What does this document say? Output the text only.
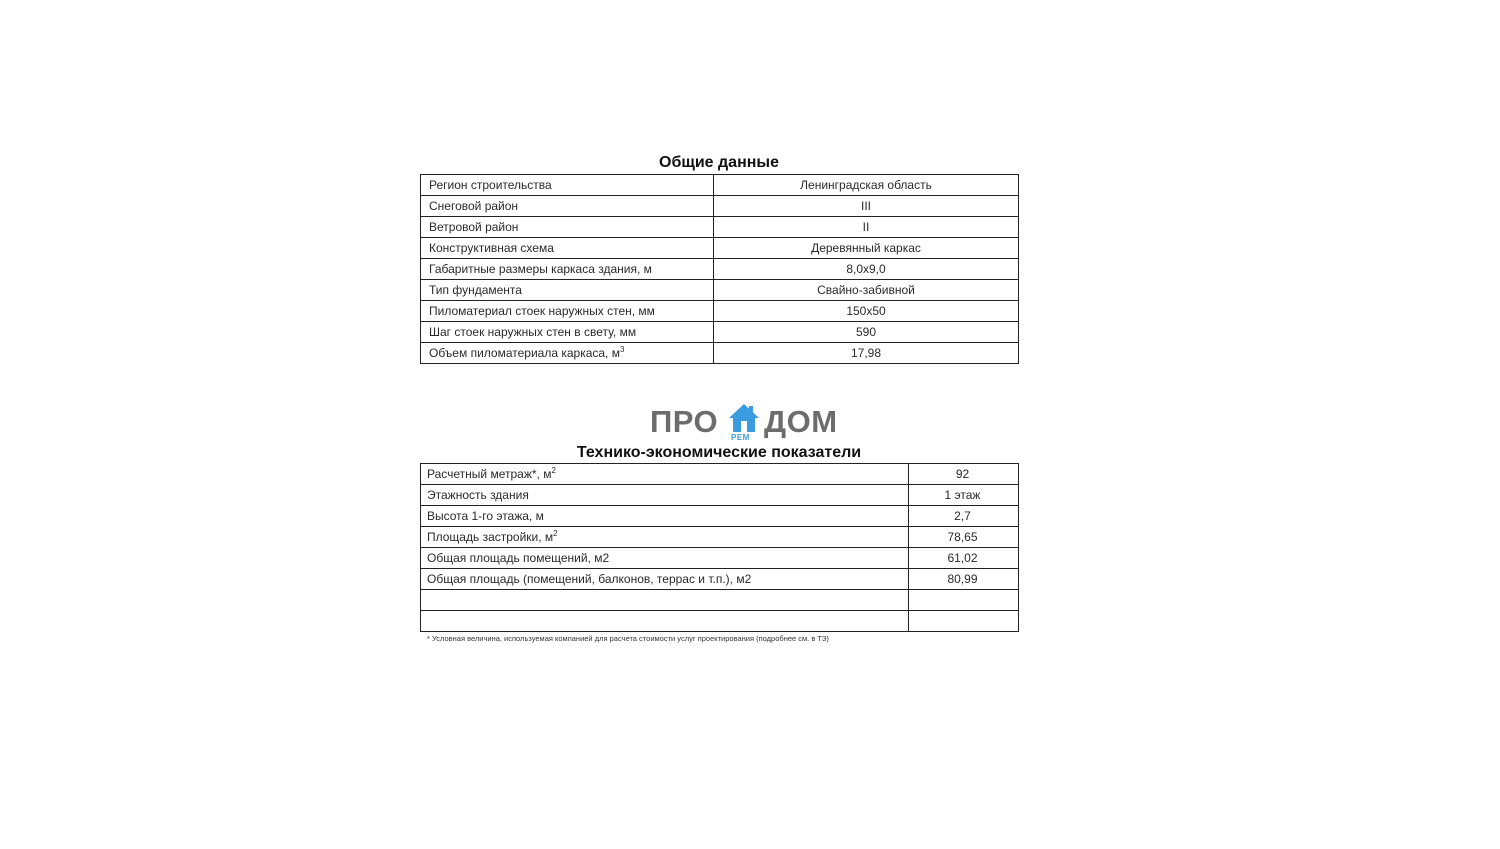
Общие данные
Регион строительства	Ленинградская область
Снеговой район	III
Ветровой район	II
Конструктивная схема	Деревянный каркас
Габаритные размеры каркаса здания, м	8,0х9,0
Тип фундамента	Свайно-забивной
Пиломатериал стоек наружных стен, мм	150х50
Шаг стоек наружных стен в свету, мм	590
Объем пиломатериала каркаса, $м^3$	17,98
ПРО РЕМ ДОМ
Технико-экономические показатели
Расчетный метраж*, $м^2$	92
Этажность здания	1 этаж
Высота 1-го этажа, м	2,7
Площадь застройки, $м^2$	78,65
Общая площадь помещений, м2	61,02
Общая площадь (помещений, балконов, террас и т.п.), м2	80,99

* Условная величина, используемая компанией для расчета стоимости услуг проектирования (подробнее см. в ТЗ)
